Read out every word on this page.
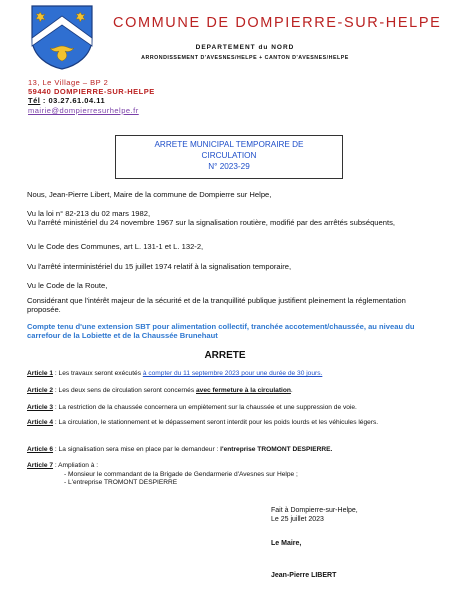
COMMUNE DE DOMPIERRE-SUR-HELPE
DEPARTEMENT du NORD
ARRONDISSEMENT D'AVESNES/HELPE + CANTON D'AVESNES/HELPE
13, Le Village – BP 2
59440 DOMPIERRE-SUR-HELPE
Tél : 03.27.61.04.11
mairie@dompierresurhelpe.fr
ARRETE MUNICIPAL TEMPORAIRE DE
CIRCULATION
N° 2023-29
Nous, Jean-Pierre Libert, Maire de la commune de Dompierre sur Helpe,
Vu la loi n° 82-213 du 02 mars 1982,
Vu l'arrêté ministériel du 24 novembre 1967 sur la signalisation routière, modifié par des arrêtés subséquents,
Vu le Code des Communes, art L. 131-1 et L. 132-2,
Vu l'arrêté interministériel du 15 juillet 1974 relatif à la signalisation temporaire,
Vu le Code de la Route,
Considérant que l'intérêt majeur de la sécurité et de la tranquillité publique justifient pleinement la réglementation proposée.
Compte tenu d'une extension SBT pour alimentation collectif, tranchée accotement/chaussée, au niveau du carrefour de la Lobiette et de la Chaussée Brunehaut
ARRETE
Article 1 : Les travaux seront exécutés à compter du 11 septembre 2023 pour une durée de 30 jours.
Article 2 : Les deux sens de circulation seront concernés avec fermeture à la circulation.
Article 3 : La restriction de la chaussée concernera un empiètement sur la chaussée et une suppression de voie.
Article 4 : La circulation, le stationnement et le dépassement seront interdit pour les poids lourds et les véhicules légers.
Article 6 : La signalisation sera mise en place par le demandeur : l'entreprise TROMONT DESPIERRE.
Article 7 : Ampliation à :
- Monsieur le commandant de la Brigade de Gendarmerie d'Avesnes sur Helpe ;
- L'entreprise TROMONT DESPIERRE
Fait à Dompierre-sur-Helpe,
Le 25 juillet 2023
Le Maire,
Jean-Pierre LIBERT
